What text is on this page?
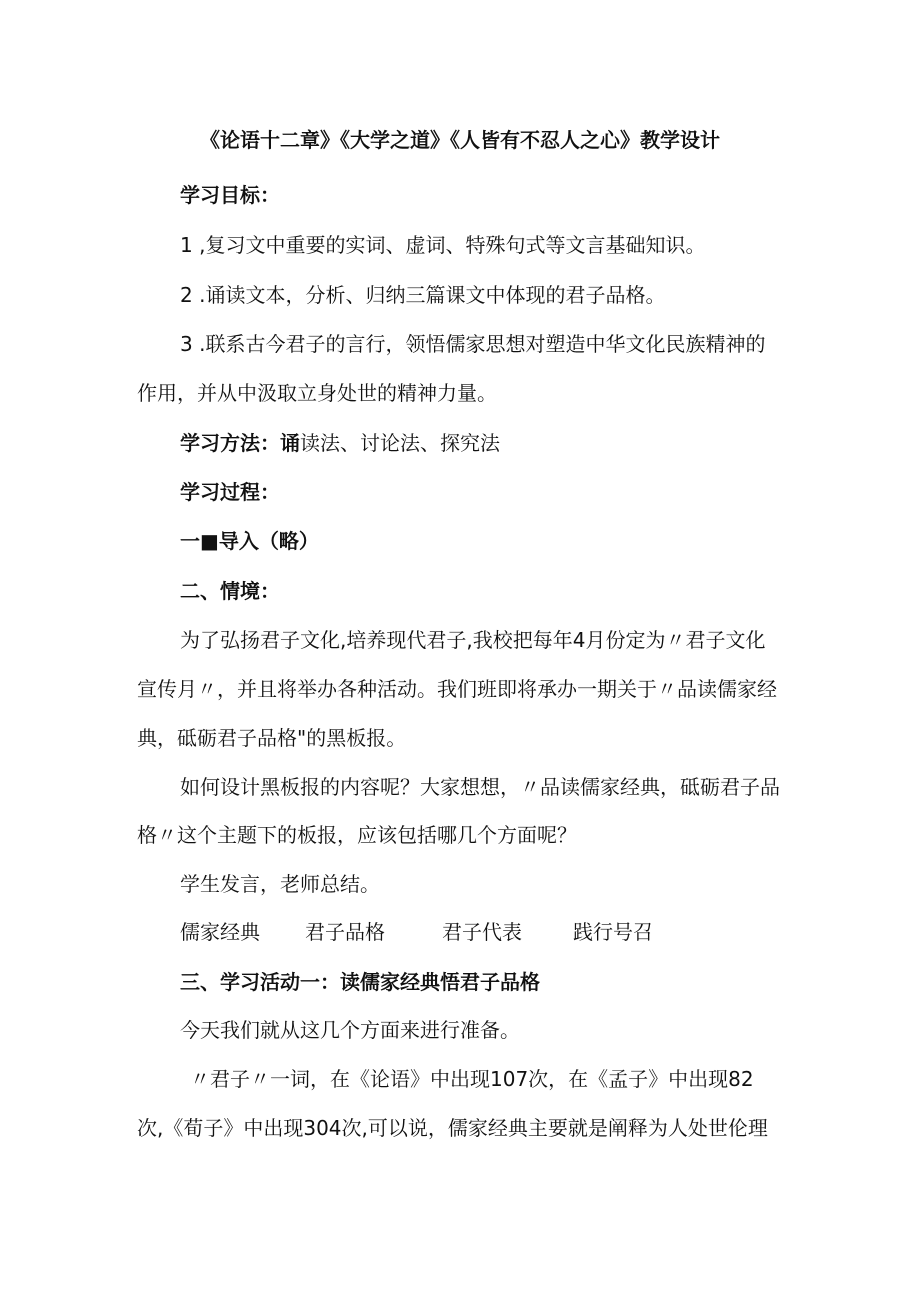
《论语十二章》《大学之道》《人皆有不忍人之心》教学设计
学习目标：
1 ,复习文中重要的实词、虚词、特殊句式等文言基础知识。
2 .诵读文本，分析、归纳三篇课文中体现的君子品格。
3 .联系古今君子的言行，领悟儒家思想对塑造中华文化民族精神的
作用，并从中汲取立身处世的精神力量。
学习方法：诵读法、讨论法、探究法
学习过程：
一■导入（略）
二、情境：
为了弘扬君子文化,培养现代君子,我校把每年4月份定为〃君子文化
宣传月〃，并且将举办各种活动。我们班即将承办一期关于〃品读儒家经
典，砥砺君子品格"的黑板报。
如何设计黑板报的内容呢？大家想想，〃品读儒家经典，砥砺君子品
格〃这个主题下的板报，应该包括哪几个方面呢？
学生发言，老师总结。
儒家经典 君子品格	君子代表	践行号召
三、学习活动一：读儒家经典悟君子品格
今天我们就从这几个方面来进行准备。
〃君子〃一词，在《论语》中出现107次，在《孟子》中出现82
次,《荀子》中出现304次,可以说，儒家经典主要就是阐释为人处世伦理
